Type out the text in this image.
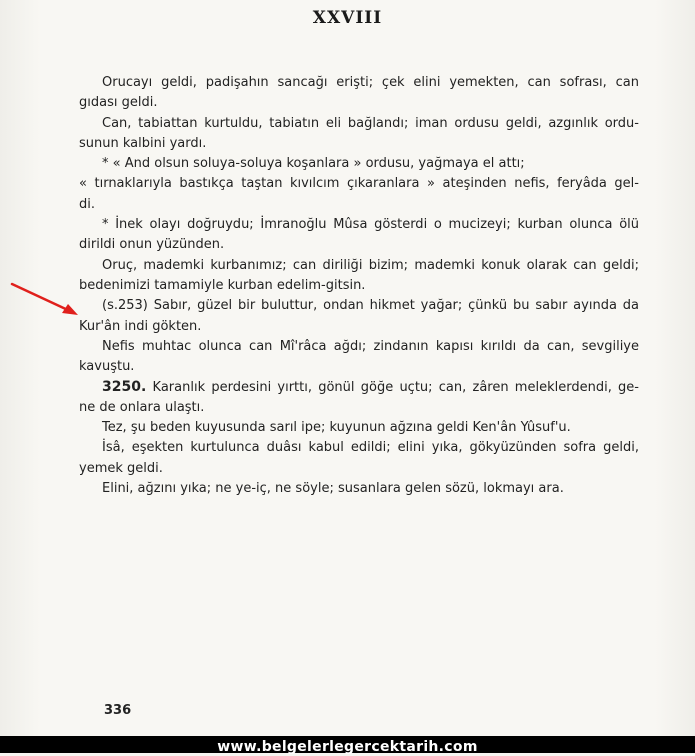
XXVIII
Orucayı geldi, padişahın sancağı erişti; çek elini yemekten, can sofrası, can
gıdası geldi.
Can, tabiattan kurtuldu, tabiatın eli bağlandı; iman ordusu geldi, azgınlık ordu-
sunun kalbini yardı.
* « And olsun soluya-soluya koşanlara » ordusu, yağmaya el attı;
« tırnaklarıyla bastıkça taştan kıvılcım çıkaranlara » ateşinden nefis, feryâda gel-
di.
* İnek olayı doğruydu; İmranoğlu Mûsa gösterdi o mucizeyi; kurban olunca ölü
dirildi onun yüzünden.
Oruç, mademki kurbanımız; can diriliği bizim; mademki konuk olarak can geldi;
bedenimizi tamamiyle kurban edelim-gitsin.
(s.253) Sabır, güzel bir buluttur, ondan hikmet yağar; çünkü bu sabır ayında da
Kur'ân indi gökten.
Nefis muhtac olunca can Mî'râca ağdı; zindanın kapısı kırıldı da can, sevgiliye
kavuştu.
3250. Karanlık perdesini yırttı, gönül göğe uçtu; can, zâren meleklerdendi, ge-
ne de onlara ulaştı.
Tez, şu beden kuyusunda sarıl ipe; kuyunun ağzına geldi Ken'ân Yûsuf'u.
İsâ, eşekten kurtulunca duâsı kabul edildi; elini yıka, gökyüzünden sofra geldi,
yemek geldi.
Elini, ağzını yıka; ne ye-iç, ne söyle; susanlara gelen sözü, lokmayı ara.
336
www.belgelerlegercektarih.com
